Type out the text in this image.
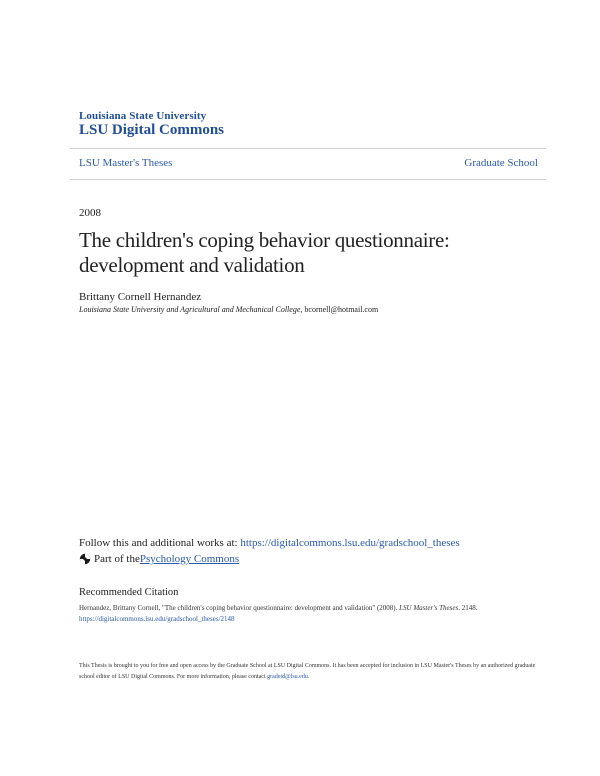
Louisiana State University
LSU Digital Commons
LSU Master's Theses	Graduate School
2008
The children's coping behavior questionnaire: development and validation
Brittany Cornell Hernandez
Louisiana State University and Agricultural and Mechanical College, bcornell@hotmail.com
Follow this and additional works at: https://digitalcommons.lsu.edu/gradschool_theses
Part of the Psychology Commons
Recommended Citation
Hernandez, Brittany Cornell, "The children's coping behavior questionnaire: development and validation" (2008). LSU Master's Theses. 2148.
https://digitalcommons.lsu.edu/gradschool_theses/2148
This Thesis is brought to you for free and open access by the Graduate School at LSU Digital Commons. It has been accepted for inclusion in LSU Master's Theses by an authorized graduate school editor of LSU Digital Commons. For more information, please contact gradetd@lsu.edu.
